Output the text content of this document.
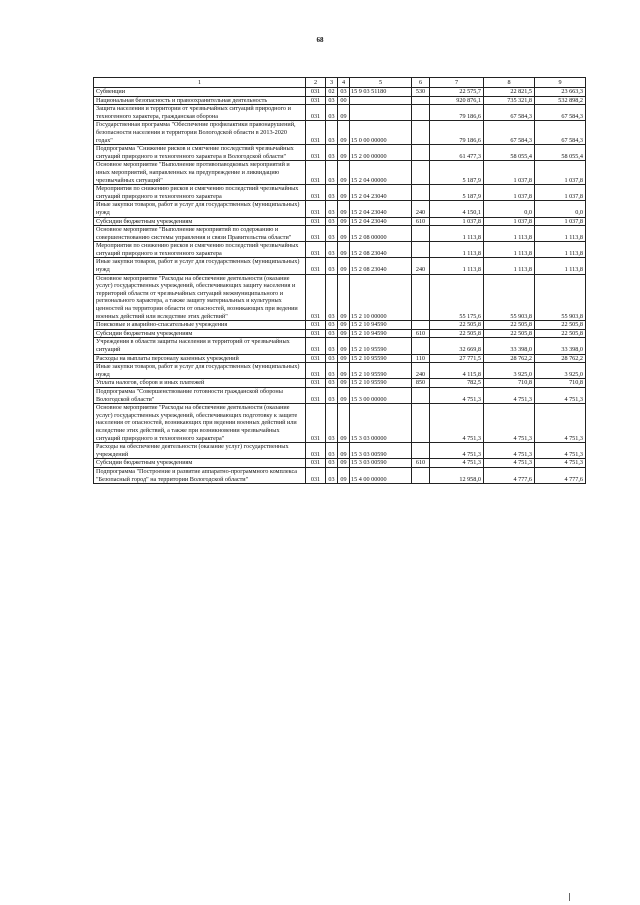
68
1	2	3	4	5	6	7	8	9
Субвенции	031	02	03	15 9 03 51180	530	22 575,7	22 821,5	23 663,3
Национальная безопасность и правоохранительная деятельность	031	03	00			920 876,1	735 321,8	532 898,2
Защита населения и территории от чрезвычайных ситуаций природного и техногенного характера, гражданская оборона	031	03	09			79 186,6	67 584,3	67 584,3
Государственная программа "Обеспечение профилактики правонарушений, безопасности населения и территории Вологодской области в 2013-2020 годах"	031	03	09	15 0 00 00000		79 186,6	67 584,3	67 584,3
Подпрограмма "Снижение рисков и смягчение последствий чрезвычайных ситуаций природного и техногенного характера в Вологодской области"	031	03	09	15 2 00 00000		61 477,3	58 055,4	58 055,4
Основное мероприятие "Выполнение противопаводковых мероприятий и иных мероприятий, направленных на предупреждение и ликвидацию чрезвычайных ситуаций"	031	03	09	15 2 04 00000		5 187,9	1 037,8	1 037,8
Мероприятия по снижению рисков и смягчению последствий чрезвычайных ситуаций природного и техногенного характера	031	03	09	15 2 04 23040		5 187,9	1 037,8	1 037,8
Иные закупки товаров, работ и услуг для государственных (муниципальных) нужд	031	03	09	15 2 04 23040	240	4 150,1	0,0	0,0
Субсидии бюджетным учреждениям	031	03	09	15 2 04 23040	610	1 037,8	1 037,8	1 037,8
Основное мероприятие "Выполнение мероприятий по содержанию и совершенствованию системы управления и связи Правительства области"	031	03	09	15 2 08 00000		1 113,8	1 113,8	1 113,8
Мероприятия по снижению рисков и смягчению последствий чрезвычайных ситуаций природного и техногенного характера	031	03	09	15 2 08 23040		1 113,8	1 113,8	1 113,8
Иные закупки товаров, работ и услуг для государственных (муниципальных) нужд	031	03	09	15 2 08 23040	240	1 113,8	1 113,8	1 113,8
Основное мероприятие "Расходы на обеспечение деятельности (оказание услуг) государственных учреждений, обеспечивающих защиту населения и территорий области от чрезвычайных ситуаций межмуниципального и регионального характера, а также защиту материальных и культурных ценностей на территории области от опасностей, возникающих при ведении военных действий или вследствие этих действий"	031	03	09	15 2 10 00000		55 175,6	55 903,8	55 903,8
Поисковые и аварийно-спасательные учреждения	031	03	09	15 2 10 94590		22 505,8	22 505,8	22 505,8
Субсидии бюджетным учреждениям	031	03	09	15 2 10 94590	610	22 505,8	22 505,8	22 505,8
Учреждения в области защиты населения и территорий от чрезвычайных ситуаций	031	03	09	15 2 10 95590		32 669,8	33 398,0	33 398,0
Расходы на выплаты персоналу казенных учреждений	031	03	09	15 2 10 95590	110	27 771,5	28 762,2	28 762,2
Иные закупки товаров, работ и услуг для государственных (муниципальных) нужд	031	03	09	15 2 10 95590	240	4 115,8	3 925,0	3 925,0
Уплата налогов, сборов и иных платежей	031	03	09	15 2 10 95590	850	782,5	710,8	710,8
Подпрограмма "Совершенствование готовности гражданской обороны Вологодской области"	031	03	09	15 3 00 00000		4 751,3	4 751,3	4 751,3
Основное мероприятие "Расходы на обеспечение деятельности (оказание услуг) государственных учреждений, обеспечивающих подготовку к защите населения от опасностей, возникающих при ведении военных действий или вследствие этих действий, а также при возникновении чрезвычайных ситуаций природного и техногенного характера"	031	03	09	15 3 03 00000		4 751,3	4 751,3	4 751,3
Расходы на обеспечение деятельности (оказание услуг) государственных учреждений	031	03	09	15 3 03 00590		4 751,3	4 751,3	4 751,3
Субсидии бюджетным учреждениям	031	03	09	15 3 03 00590	610	4 751,3	4 751,3	4 751,3
Подпрограмма "Построение и развитие аппаратно-программного комплекса "Безопасный город" на территории Вологодской области"	031	03	09	15 4 00 00000		12 958,0	4 777,6	4 777,6
